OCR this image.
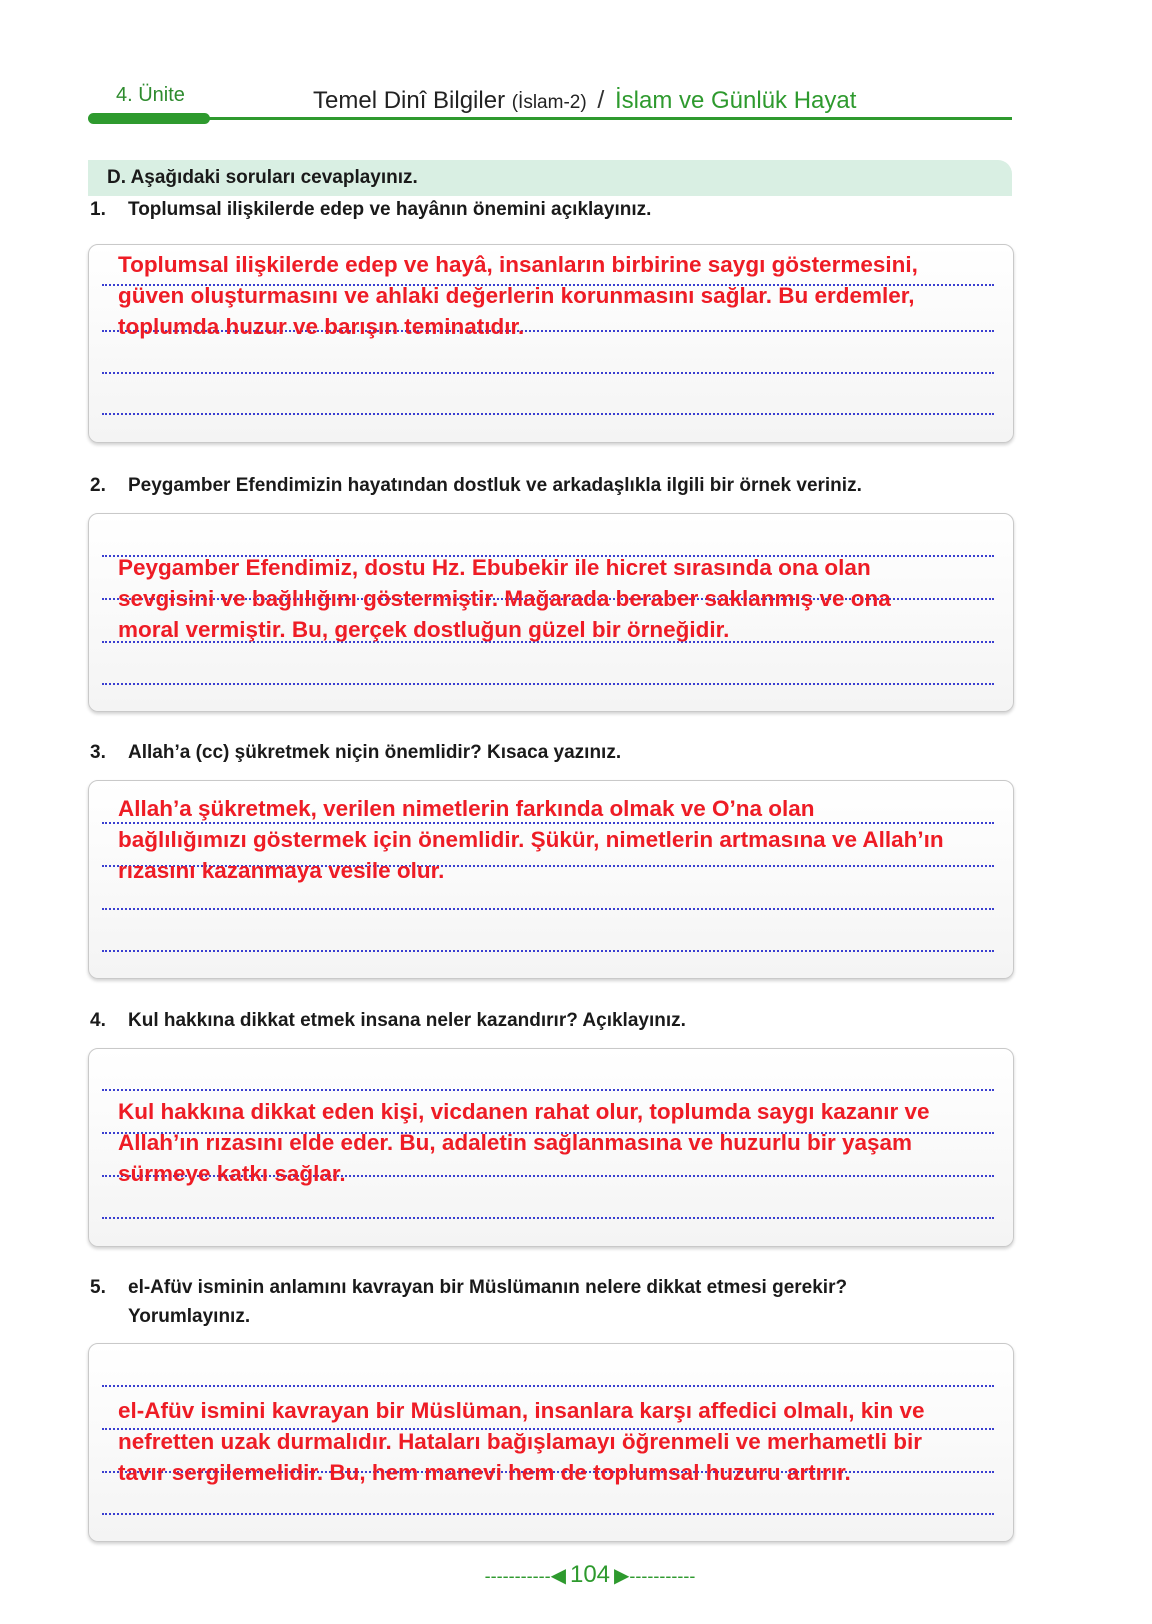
4. Ünite	Temel Dinî Bilgiler (İslam-2) / İslam ve Günlük Hayat
D. Aşağıdaki soruları cevaplayınız.
1. Toplumsal ilişkilerde edep ve hayânın önemini açıklayınız.
Toplumsal ilişkilerde edep ve hayâ, insanların birbirine saygı göstermesini,
güven oluşturmasını ve ahlaki değerlerin korunmasını sağlar. Bu erdemler,
toplumda huzur ve barışın teminatıdır.
2. Peygamber Efendimizin hayatından dostluk ve arkadaşlıkla ilgili bir örnek veriniz.
Peygamber Efendimiz, dostu Hz. Ebubekir ile hicret sırasında ona olan
sevgisini ve bağlılığını göstermiştir. Mağarada beraber saklanmış ve ona
moral vermiştir. Bu, gerçek dostluğun güzel bir örneğidir.
3. Allah’a (cc) şükretmek niçin önemlidir? Kısaca yazınız.
Allah’a şükretmek, verilen nimetlerin farkında olmak ve O’na olan
bağlılığımızı göstermek için önemlidir. Şükür, nimetlerin artmasına ve Allah’ın
rızasını kazanmaya vesile olur.
4. Kul hakkına dikkat etmek insana neler kazandırır? Açıklayınız.
Kul hakkına dikkat eden kişi, vicdanen rahat olur, toplumda saygı kazanır ve
Allah’ın rızasını elde eder. Bu, adaletin sağlanmasına ve huzurlu bir yaşam
sürmeye katkı sağlar.
5. el-Afüv isminin anlamını kavrayan bir Müslümanın nelere dikkat etmesi gerekir?
Yorumlayınız.
el-Afüv ismini kavrayan bir Müslüman, insanlara karşı affedici olmalı, kin ve
nefretten uzak durmalıdır. Hataları bağışlamayı öğrenmeli ve merhametli bir
tavır sergilemelidir. Bu, hem manevi hem de toplumsal huzuru artırır.
-----------◀ 104 ▶-----------
